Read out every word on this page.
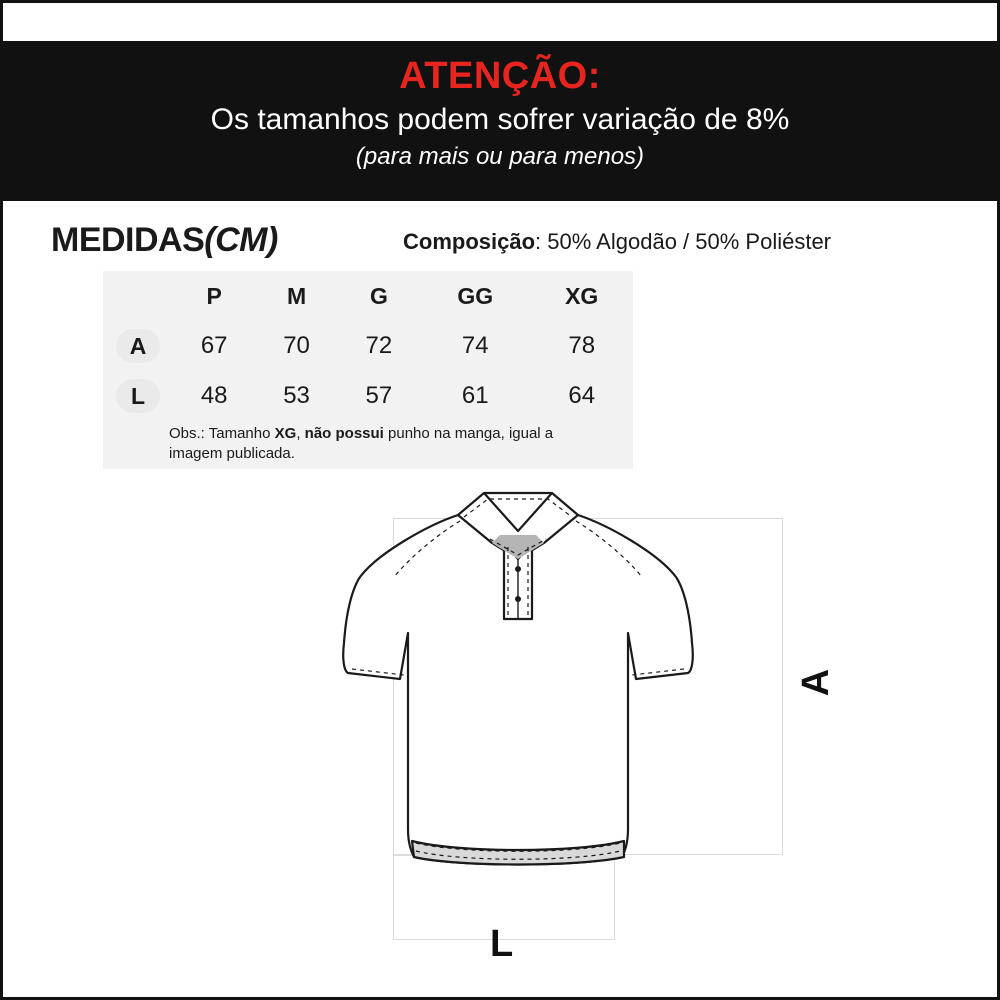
ATENÇÃO:
Os tamanhos podem sofrer variação de 8%
(para mais ou para menos)
MEDIDAS(CM)	Composição: 50% Algodão / 50% Poliéster
	P	M	G	GG	XG
A	67	70	72	74	78
L	48	53	57	61	64
Obs.: Tamanho XG, não possui punho na manga, igual a imagem publicada.
A
L
